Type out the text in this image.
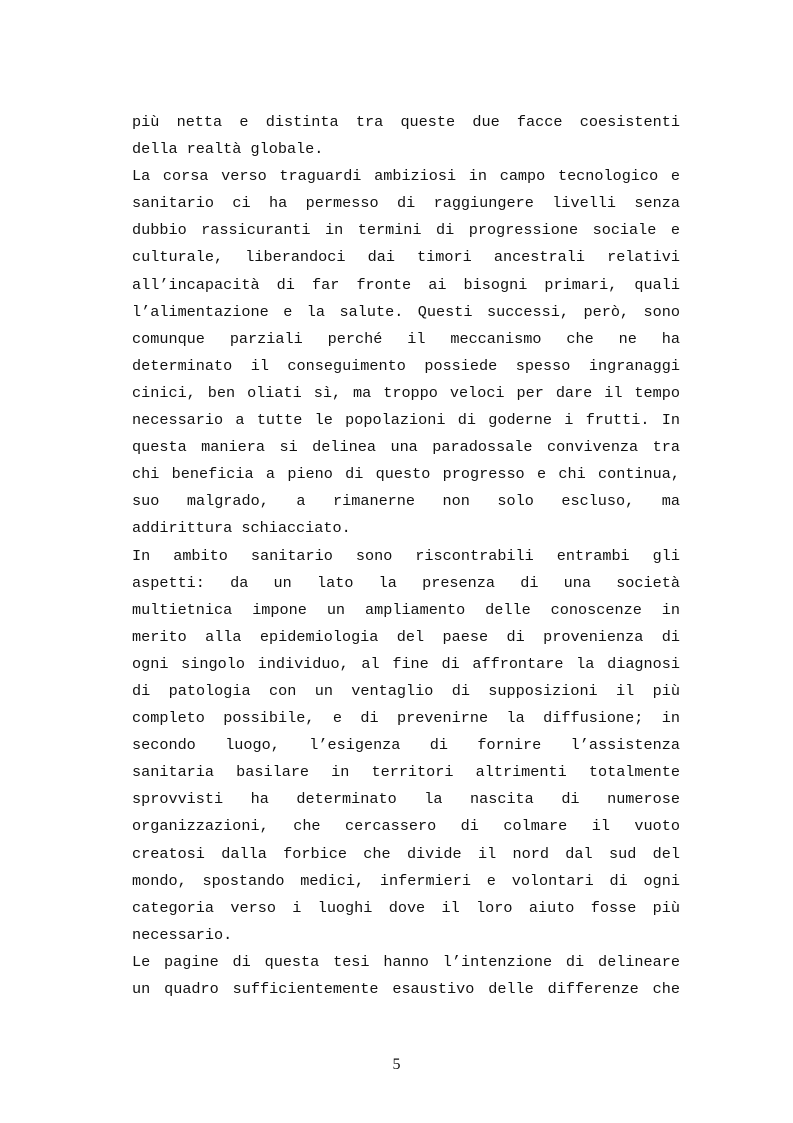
più netta e distinta tra queste due facce coesistenti
della realtà globale.
La corsa verso traguardi ambiziosi in campo tecnologico e
sanitario ci ha permesso di raggiungere livelli senza
dubbio rassicuranti in termini di progressione sociale e
culturale, liberandoci dai timori ancestrali relativi
all’incapacità di far fronte ai bisogni primari, quali
l’alimentazione e la salute. Questi successi, però, sono
comunque parziali perché il meccanismo che ne ha
determinato il conseguimento possiede spesso ingranaggi
cinici, ben oliati sì, ma troppo veloci per dare il tempo
necessario a tutte le popolazioni di goderne i frutti. In
questa maniera si delinea una paradossale convivenza tra
chi beneficia a pieno di questo progresso e chi continua,
suo malgrado, a rimanerne non solo escluso, ma
addirittura schiacciato.
In ambito sanitario sono riscontrabili entrambi gli
aspetti: da un lato la presenza di una società
multietnica impone un ampliamento delle conoscenze in
merito alla epidemiologia del paese di provenienza di
ogni singolo individuo, al fine di affrontare la diagnosi
di patologia con un ventaglio di supposizioni il più
completo possibile, e di prevenirne la diffusione; in
secondo luogo, l’esigenza di fornire l’assistenza
sanitaria basilare in territori altrimenti totalmente
sprovvisti ha determinato la nascita di numerose
organizzazioni, che cercassero di colmare il vuoto
creatosi dalla forbice che divide il nord dal sud del
mondo, spostando medici, infermieri e volontari di ogni
categoria verso i luoghi dove il loro aiuto fosse più
necessario.
Le pagine di questa tesi hanno l’intenzione di delineare
un quadro sufficientemente esaustivo delle differenze che
5
